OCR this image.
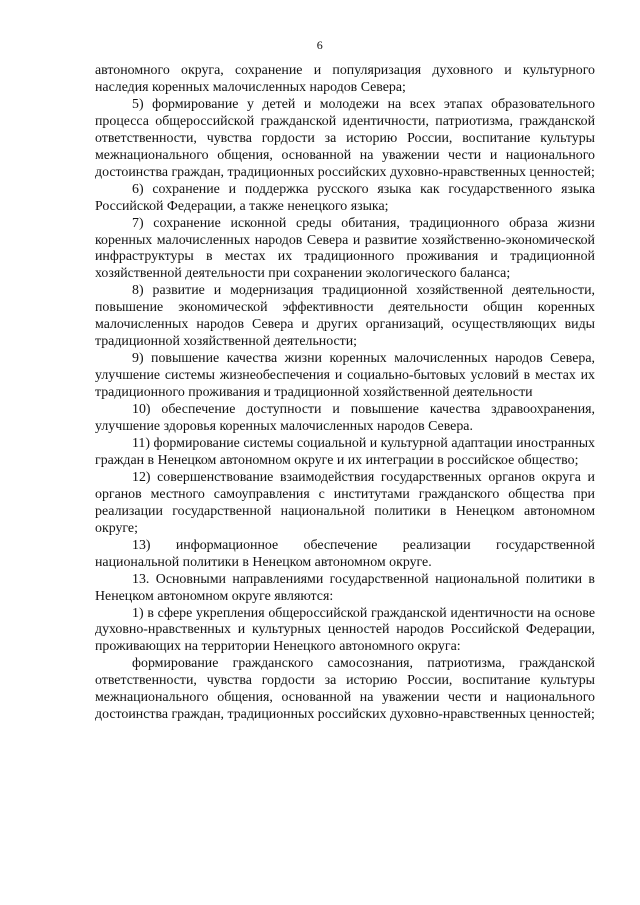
6

автономного округа, сохранение и популяризация духовного и культурного наследия коренных малочисленных народов Севера;

5) формирование у детей и молодежи на всех этапах образовательного процесса общероссийской гражданской идентичности, патриотизма, гражданской ответственности, чувства гордости за историю России, воспитание культуры межнационального общения, основанной на уважении чести и национального достоинства граждан, традиционных российских духовно-нравственных ценностей;

6) сохранение и поддержка русского языка как государственного языка Российской Федерации, а также ненецкого языка;

7) сохранение исконной среды обитания, традиционного образа жизни коренных малочисленных народов Севера и развитие хозяйственно-экономической инфраструктуры в местах их традиционного проживания и традиционной хозяйственной деятельности при сохранении экологического баланса;

8) развитие и модернизация традиционной хозяйственной деятельности, повышение экономической эффективности деятельности общин коренных малочисленных народов Севера и других организаций, осуществляющих виды традиционной хозяйственной деятельности;

9) повышение качества жизни коренных малочисленных народов Севера, улучшение системы жизнеобеспечения и социально-бытовых условий в местах их традиционного проживания и традиционной хозяйственной деятельности

10) обеспечение доступности и повышение качества здравоохранения, улучшение здоровья коренных малочисленных народов Севера.

11) формирование системы социальной и культурной адаптации иностранных граждан в Ненецком автономном округе и их интеграции в российское общество;

12) совершенствование взаимодействия государственных органов округа и органов местного самоуправления с институтами гражданского общества при реализации государственной национальной политики в Ненецком автономном округе;

13) информационное обеспечение реализации государственной национальной политики в Ненецком автономном округе.

13. Основными направлениями государственной национальной политики в Ненецком автономном округе являются:

1) в сфере укрепления общероссийской гражданской идентичности на основе духовно-нравственных и культурных ценностей народов Российской Федерации, проживающих на территории Ненецкого автономного округа:

формирование гражданского самосознания, патриотизма, гражданской ответственности, чувства гордости за историю России, воспитание культуры межнационального общения, основанной на уважении чести и национального достоинства граждан, традиционных российских духовно-нравственных ценностей;
